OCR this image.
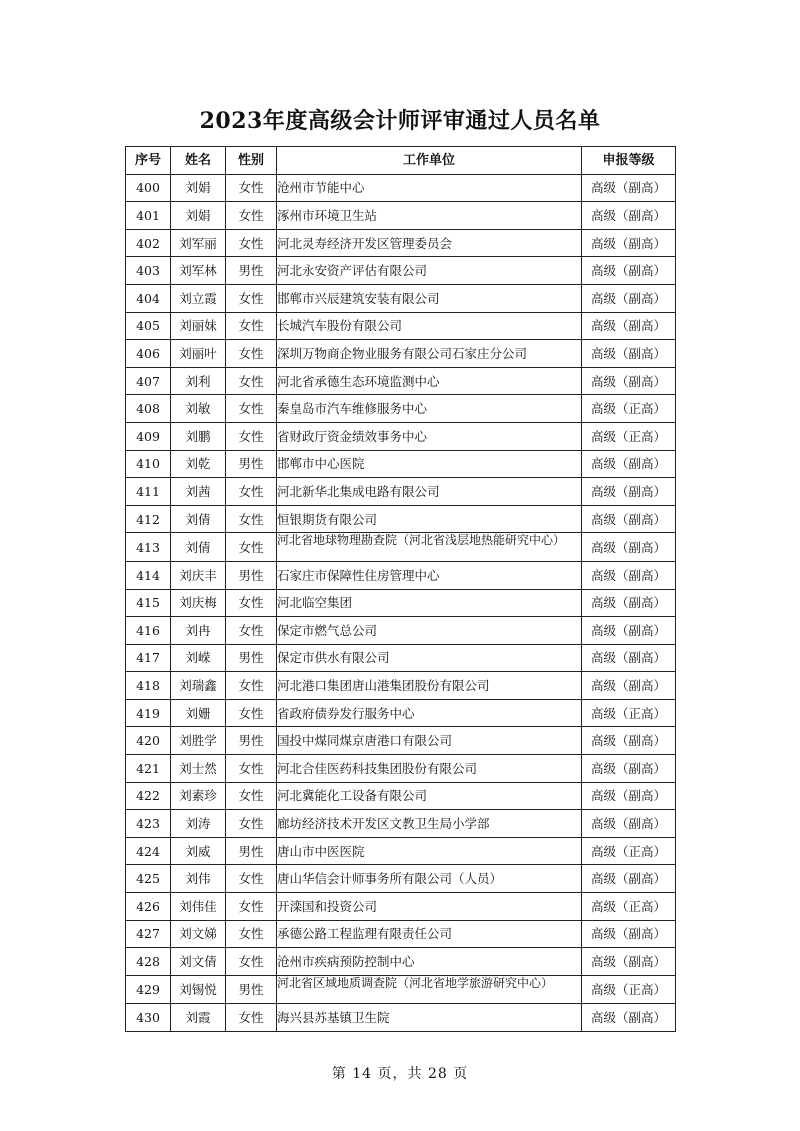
2023年度高级会计师评审通过人员名单
序号	姓名	性别	工作单位	申报等级
400	刘娟	女性	沧州市节能中心	高级（副高）
401	刘娟	女性	涿州市环境卫生站	高级（副高）
402	刘军丽	女性	河北灵寿经济开发区管理委员会	高级（副高）
403	刘军林	男性	河北永安资产评估有限公司	高级（副高）
404	刘立霞	女性	邯郸市兴辰建筑安装有限公司	高级（副高）
405	刘丽妹	女性	长城汽车股份有限公司	高级（副高）
406	刘丽叶	女性	深圳万物商企物业服务有限公司石家庄分公司	高级（副高）
407	刘利	女性	河北省承德生态环境监测中心	高级（副高）
408	刘敏	女性	秦皇岛市汽车维修服务中心	高级（正高）
409	刘鹏	女性	省财政厅资金绩效事务中心	高级（正高）
410	刘乾	男性	邯郸市中心医院	高级（副高）
411	刘茜	女性	河北新华北集成电路有限公司	高级（副高）
412	刘倩	女性	恒银期货有限公司	高级（副高）
413	刘倩	女性	河北省地球物理勘查院（河北省浅层地热能研究中心）	高级（副高）
414	刘庆丰	男性	石家庄市保障性住房管理中心	高级（副高）
415	刘庆梅	女性	河北临空集团	高级（副高）
416	刘冉	女性	保定市燃气总公司	高级（副高）
417	刘嵘	男性	保定市供水有限公司	高级（副高）
418	刘瑞鑫	女性	河北港口集团唐山港集团股份有限公司	高级（副高）
419	刘姗	女性	省政府债券发行服务中心	高级（正高）
420	刘胜学	男性	国投中煤同煤京唐港口有限公司	高级（副高）
421	刘士然	女性	河北合佳医药科技集团股份有限公司	高级（副高）
422	刘素珍	女性	河北冀能化工设备有限公司	高级（副高）
423	刘涛	女性	廊坊经济技术开发区文教卫生局小学部	高级（副高）
424	刘威	男性	唐山市中医医院	高级（正高）
425	刘伟	女性	唐山华信会计师事务所有限公司（人员）	高级（副高）
426	刘伟佳	女性	开滦国和投资公司	高级（正高）
427	刘文娣	女性	承德公路工程监理有限责任公司	高级（副高）
428	刘文倩	女性	沧州市疾病预防控制中心	高级（副高）
429	刘锡悦	男性	河北省区域地质调查院（河北省地学旅游研究中心）	高级（正高）
430	刘霞	女性	海兴县苏基镇卫生院	高级（副高）
第 14 页，共 28 页
